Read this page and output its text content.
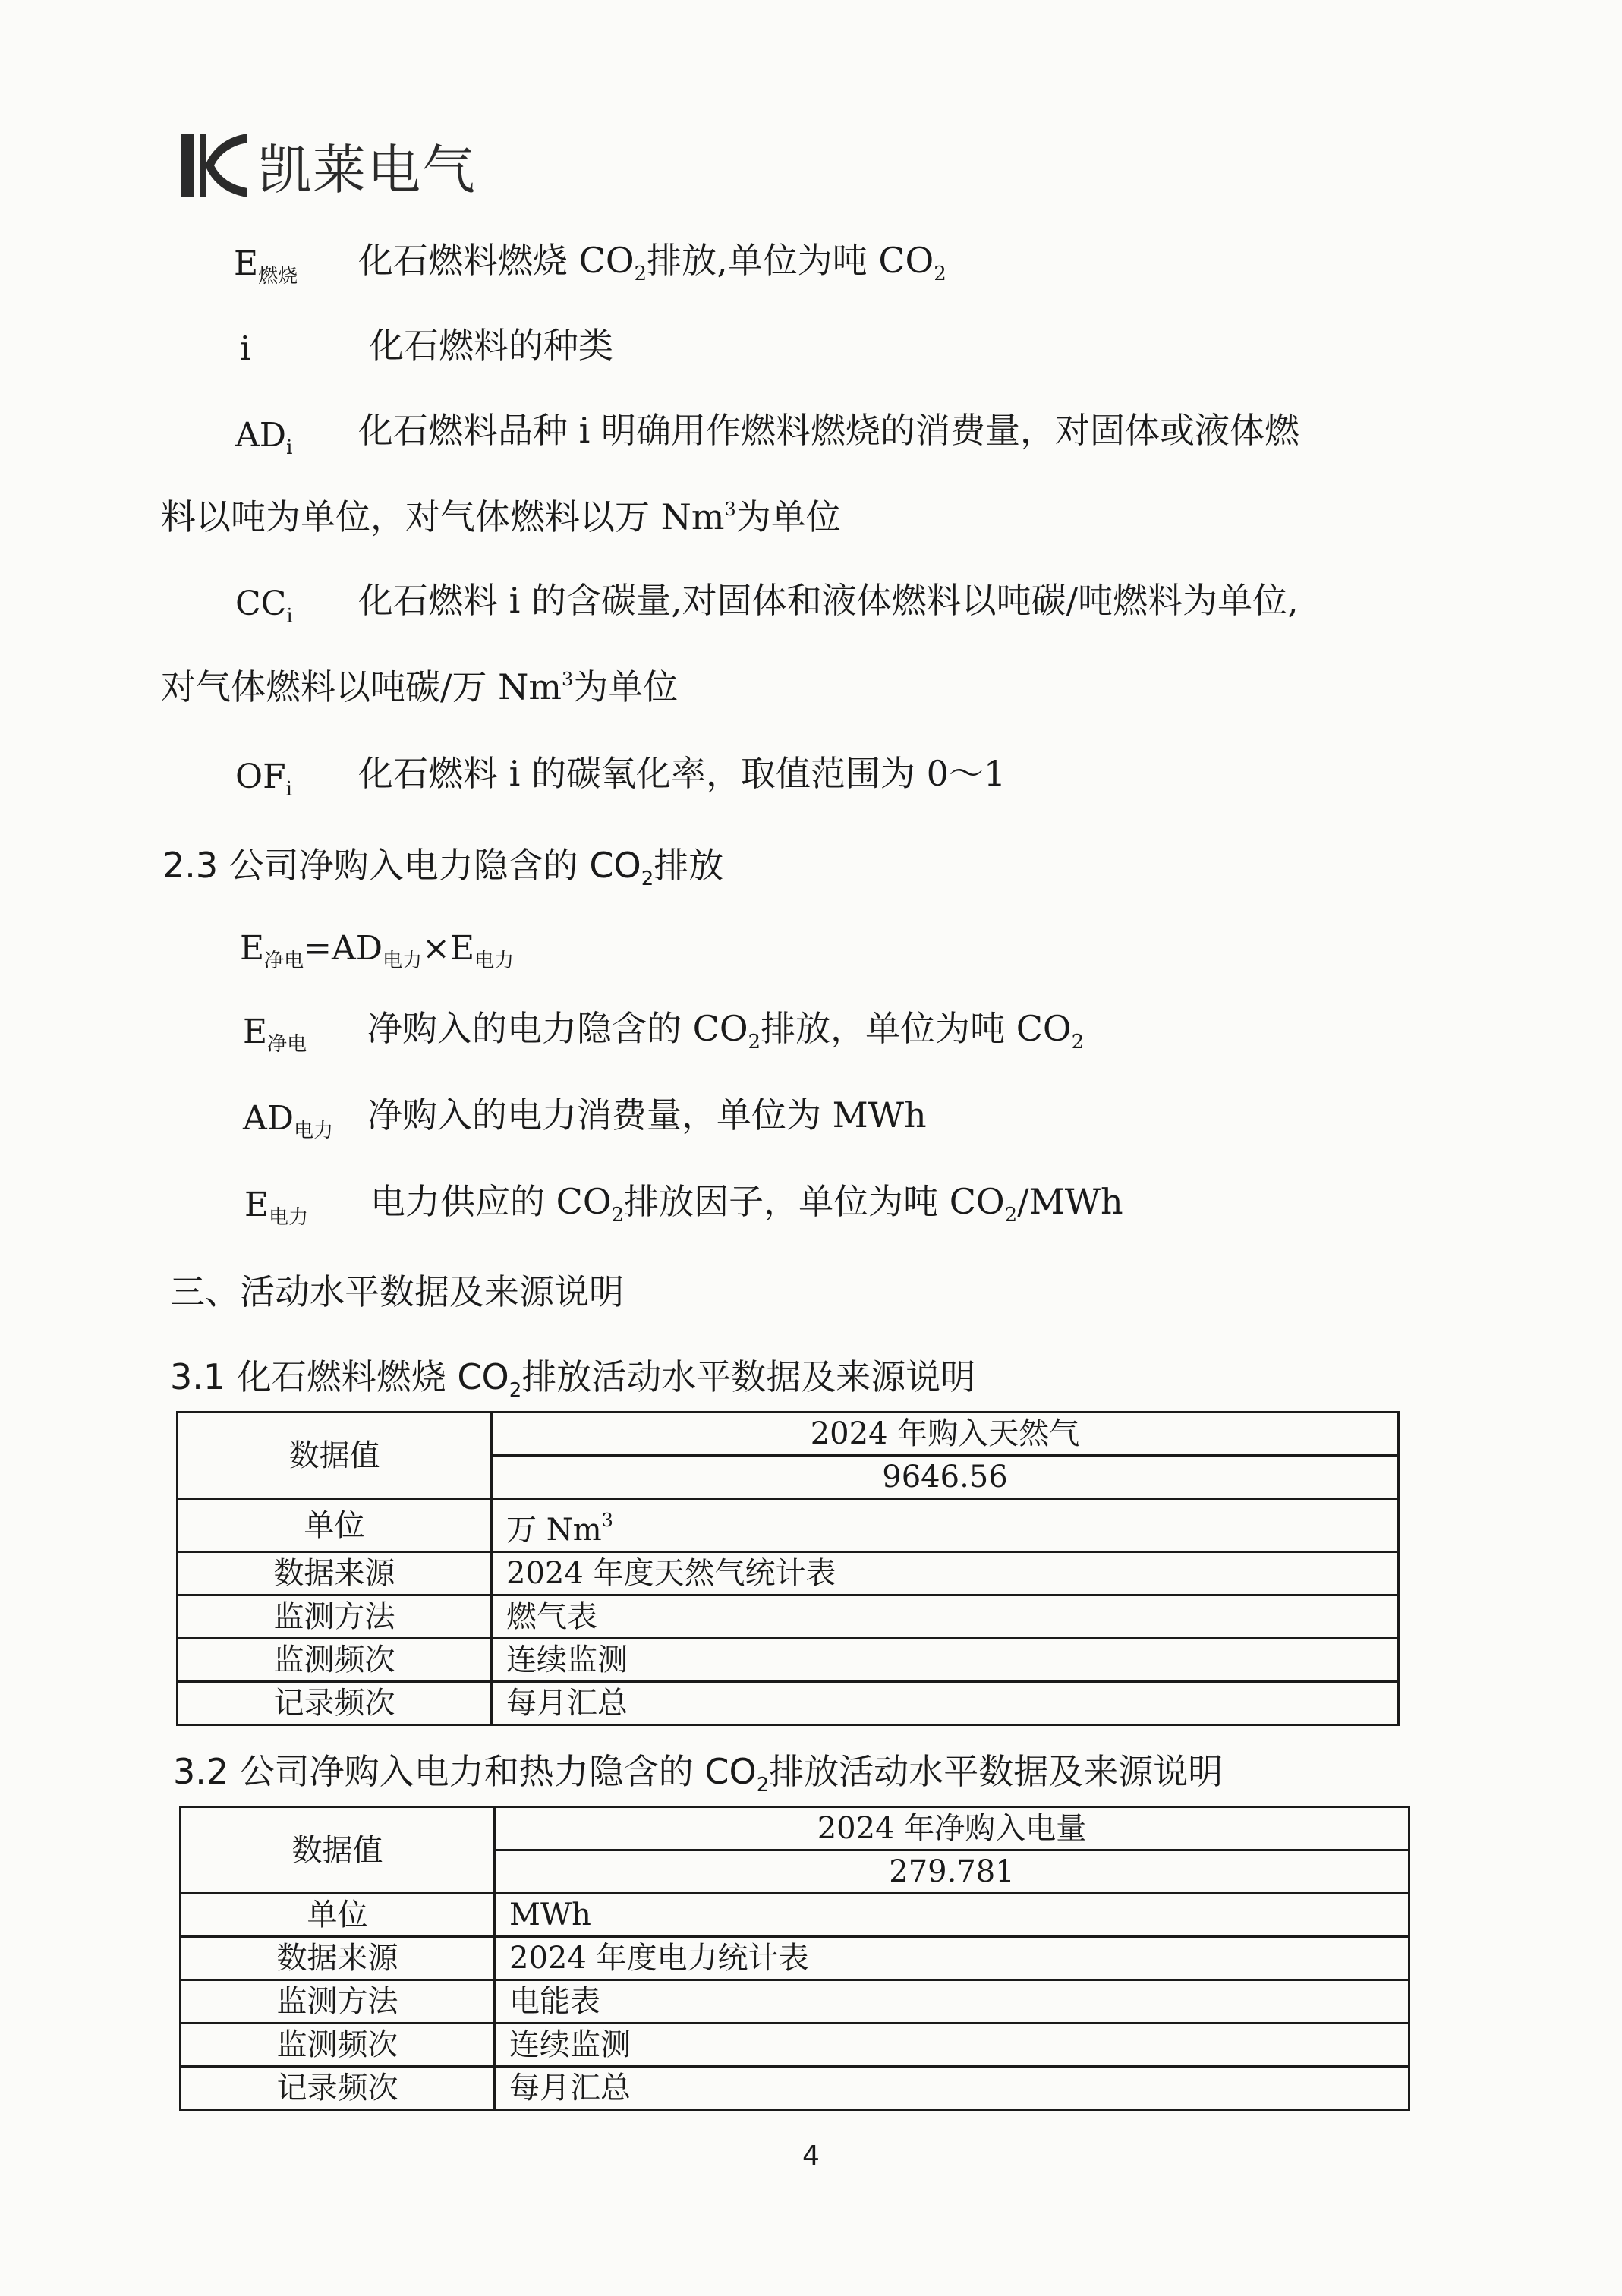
凯莱电气
$E_{燃烧}$ 化石燃料燃烧 $CO_2$排放,单位为吨 $CO_2$
i	化石燃料的种类
$AD_i$ 化石燃料品种 i 明确用作燃料燃烧的消费量，对固体或液体燃
料以吨为单位，对气体燃料以万 Nm$^3$为单位
$CC_i$ 化石燃料 i 的含碳量,对固体和液体燃料以吨碳/吨燃料为单位,
对气体燃料以吨碳/万 Nm$^3$为单位
$OF_i$ 化石燃料 i 的碳氧化率，取值范围为 0～1
2.3 公司净购入电力隐含的 $CO_2$排放
$E_{净电}=AD_{电力}\times E_{电力}$
$E_{净电}$ 净购入的电力隐含的 $CO_2$排放，单位为吨 $CO_2$
$AD_{电力}$ 净购入的电力消费量，单位为 MWh
$E_{电力}$ 电力供应的 $CO_2$排放因子，单位为吨 $CO_2$/MWh
三、活动水平数据及来源说明
3.1 化石燃料燃烧 $CO_2$排放活动水平数据及来源说明
数据值	2024 年购入天然气
	9646.56
单位	万 Nm$^3$
数据来源	2024 年度天然气统计表
监测方法	燃气表
监测频次	连续监测
记录频次	每月汇总
3.2 公司净购入电力和热力隐含的 $CO_2$排放活动水平数据及来源说明
数据值	2024 年净购入电量
	279.781
单位	MWh
数据来源	2024 年度电力统计表
监测方法	电能表
监测频次	连续监测
记录频次	每月汇总
4
